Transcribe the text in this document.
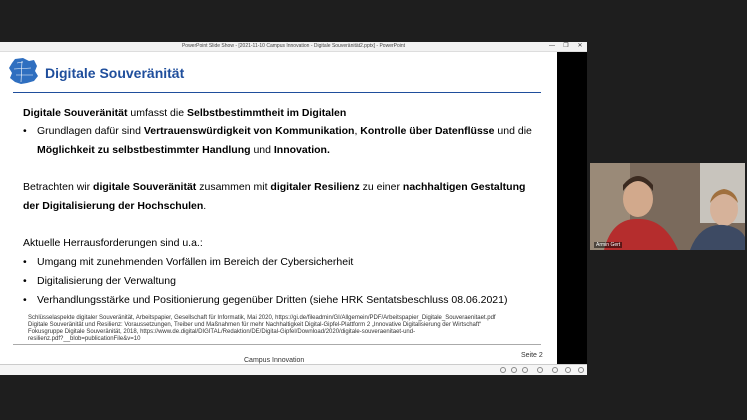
PowerPoint Slide Show - [2021-11-10 Campus Innovation - Digitale Souveränität2.pptx] - PowerPoint	—	❐	✕
Digitale Souveränität
Digitale Souveränität umfasst die Selbstbestimmtheit im Digitalen
• Grundlagen dafür sind Vertrauenswürdigkeit von Kommunikation, Kontrolle über Datenflüsse und die
Möglichkeit zu selbstbestimmter Handlung und Innovation.
Betrachten wir digitale Souveränität zusammen mit digitaler Resilienz zu einer nachhaltigen Gestaltung
der Digitalisierung der Hochschulen.
Aktuelle Herrausforderungen sind u.a.:
• Umgang mit zunehmenden Vorfällen im Bereich der Cybersicherheit
• Digitalisierung der Verwaltung
• Verhandlungsstärke und Positionierung gegenüber Dritten (siehe HRK Sentatsbeschluss 08.06.2021)
Schlüsselaspekte digitaler Souveränität, Arbeitspapier, Gesellschaft für Informatik, Mai 2020, https://gi.de/fileadmin/GI/Allgemein/PDF/Arbeitspapier_Digitale_Souveraenitaet.pdf
Digitale Souveränität und Resilienz: Voraussetzungen, Treiber und Maßnahmen für mehr Nachhaltigkeit Digital-Gipfel-Plattform 2 „Innovative Digitalisierung der Wirtschaft“
Fokusgruppe Digitale Souveränität, 2018, https://www.de.digital/DIGITAL/Redaktion/DE/Digital-Gipfel/Download/2020/digitale-souveraenitaet-und-
resilienz.pdf?__blob=publicationFile&v=10
Campus Innovation
Seite 2
Armin Gert
